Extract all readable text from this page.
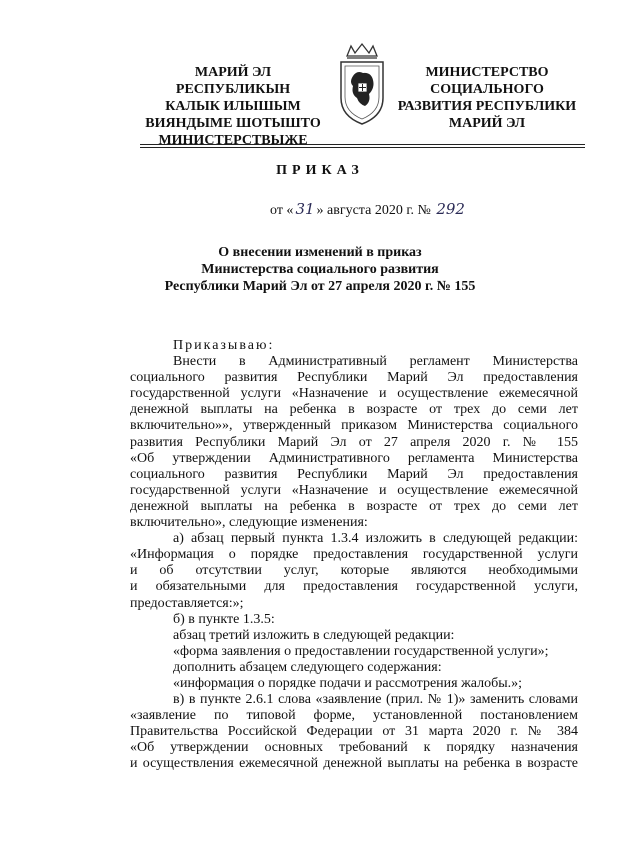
МАРИЙ ЭЛ
РЕСПУБЛИКЫН
КАЛЫК ИЛЫШЫМ
ВИЯНДЫМЕ ШОТЫШТО
МИНИСТЕРСТВЫЖЕ
МИНИСТЕРСТВО
СОЦИАЛЬНОГО
РАЗВИТИЯ РЕСПУБЛИКИ
МАРИЙ ЭЛ
ПРИКАЗ
от « 31 » августа 2020 г. № 292
О внесении изменений в приказ
Министерства социального развития
Республики Марий Эл от 27 апреля 2020 г. № 155
Приказываю:
Внести в Административный регламент Министерства
социального развития Республики Марий Эл предоставления
государственной услуги «Назначение и осуществление ежемесячной
денежной выплаты на ребенка в возрасте от трех до семи лет
включительно»», утвержденный приказом Министерства социального
развития Республики Марий Эл от 27 апреля 2020 г. № 155
«Об утверждении Административного регламента Министерства
социального развития Республики Марий Эл предоставления
государственной услуги «Назначение и осуществление ежемесячной
денежной выплаты на ребенка в возрасте от трех до семи лет
включительно», следующие изменения:
а) абзац первый пункта 1.3.4 изложить в следующей редакции:
«Информация о порядке предоставления государственной услуги
и об отсутствии услуг, которые являются необходимыми
и обязательными для предоставления государственной услуги,
предоставляется:»;
б) в пункте 1.3.5:
абзац третий изложить в следующей редакции:
«форма заявления о предоставлении государственной услуги»;
дополнить абзацем следующего содержания:
«информация о порядке подачи и рассмотрения жалобы.»;
в) в пункте 2.6.1 слова «заявление (прил. № 1)» заменить словами
«заявление по типовой форме, установленной постановлением
Правительства Российской Федерации от 31 марта 2020 г. № 384
«Об утверждении основных требований к порядку назначения
и осуществления ежемесячной денежной выплаты на ребенка в возрасте
